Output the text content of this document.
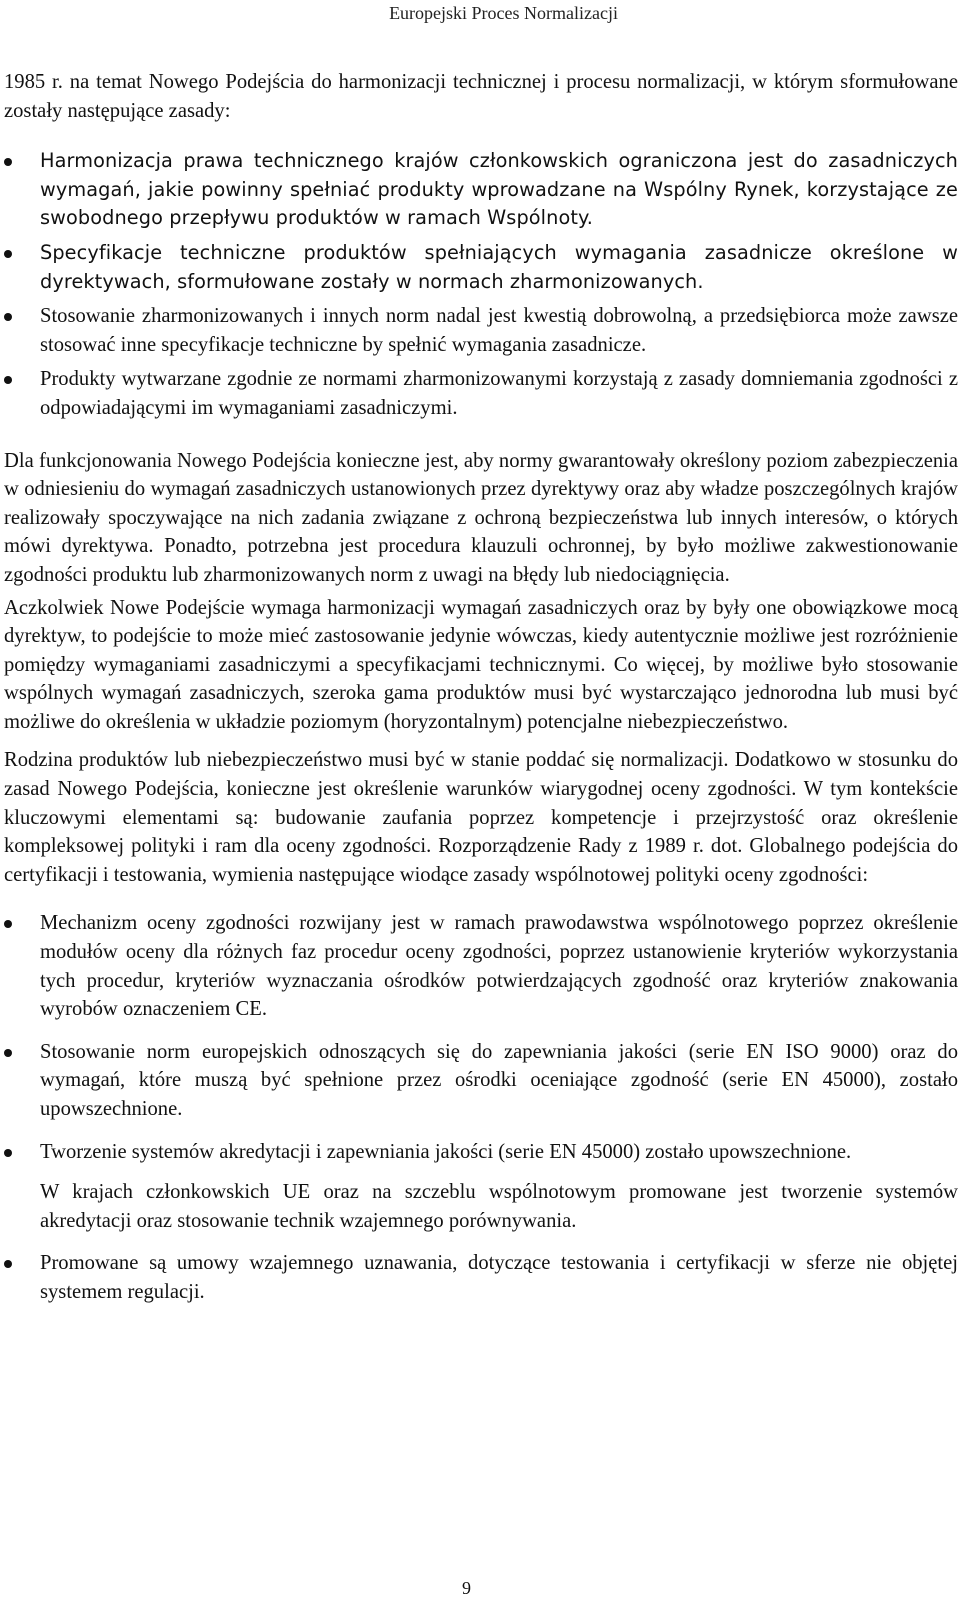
Europejski Proces Normalizacji

1985 r. na temat Nowego Podejścia do harmonizacji technicznej i procesu normalizacji, w którym sformułowane zostały następujące zasady:

Harmonizacja prawa technicznego krajów członkowskich ograniczona jest do zasadniczych wymagań, jakie powinny spełniać produkty wprowadzane na Wspólny Rynek, korzystające ze swobodnego przepływu produktów w ramach Wspólnoty.
Specyfikacje techniczne produktów spełniających wymagania zasadnicze określone w dyrektywach, sformułowane zostały w normach zharmonizowanych.
Stosowanie zharmonizowanych i innych norm nadal jest kwestią dobrowolną, a przedsiębiorca może zawsze stosować inne specyfikacje techniczne by spełnić wymagania zasadnicze.
Produkty wytwarzane zgodnie ze normami zharmonizowanymi korzystają z zasady domniemania zgodności z odpowiadającymi im wymaganiami zasadniczymi.

Dla funkcjonowania Nowego Podejścia konieczne jest, aby normy gwarantowały określony poziom zabezpieczenia w odniesieniu do wymagań zasadniczych ustanowionych przez dyrektywy oraz aby władze poszczególnych krajów realizowały spoczywające na nich zadania związane z ochroną bezpieczeństwa lub innych interesów, o których mówi dyrektywa. Ponadto, potrzebna jest procedura klauzuli ochronnej, by było możliwe zakwestionowanie zgodności produktu lub zharmonizowanych norm z uwagi na błędy lub niedociągnięcia.

Aczkolwiek Nowe Podejście wymaga harmonizacji wymagań zasadniczych oraz by były one obowiązkowe mocą dyrektyw, to podejście to może mieć zastosowanie jedynie wówczas, kiedy autentycznie możliwe jest rozróżnienie pomiędzy wymaganiami zasadniczymi a specyfikacjami technicznymi. Co więcej, by możliwe było stosowanie wspólnych wymagań zasadniczych, szeroka gama produktów musi być wystarczająco jednorodna lub musi być możliwe do określenia w układzie poziomym (horyzontalnym) potencjalne niebezpieczeństwo.

Rodzina produktów lub niebezpieczeństwo musi być w stanie poddać się normalizacji. Dodatkowo w stosunku do zasad Nowego Podejścia, konieczne jest określenie warunków wiarygodnej oceny zgodności. W tym kontekście kluczowymi elementami są: budowanie zaufania poprzez kompetencje i przejrzystość oraz określenie kompleksowej polityki i ram dla oceny zgodności. Rozporządzenie Rady z 1989 r. dot. Globalnego podejścia do certyfikacji i testowania, wymienia następujące wiodące zasady wspólnotowej polityki oceny zgodności:

Mechanizm oceny zgodności rozwijany jest w ramach prawodawstwa wspólnotowego poprzez określenie modułów oceny dla różnych faz procedur oceny zgodności, poprzez ustanowienie kryteriów wykorzystania tych procedur, kryteriów wyznaczania ośrodków potwierdzających zgodność oraz kryteriów znakowania wyrobów oznaczeniem CE.
Stosowanie norm europejskich odnoszących się do zapewniania jakości (serie EN ISO 9000) oraz do wymagań, które muszą być spełnione przez ośrodki oceniające zgodność (serie EN 45000), zostało upowszechnione.
Tworzenie systemów akredytacji i zapewniania jakości (serie EN 45000) zostało upowszechnione.

W krajach członkowskich UE oraz na szczeblu wspólnotowym promowane jest tworzenie systemów akredytacji oraz stosowanie technik wzajemnego porównywania.

Promowane są umowy wzajemnego uznawania, dotyczące testowania i certyfikacji w sferze nie objętej systemem regulacji.
9
